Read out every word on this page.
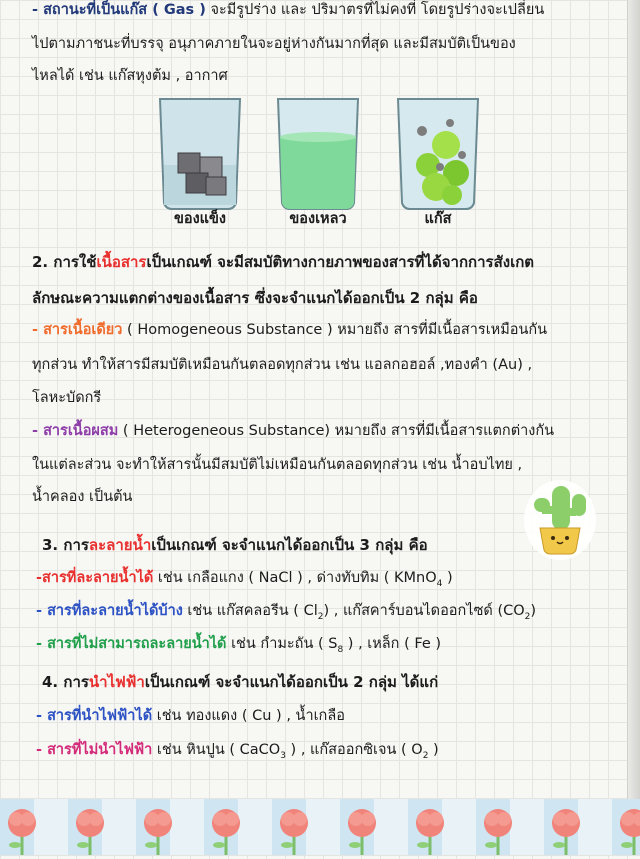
- สถานะที่เป็นแก๊ส ( Gas ) จะมีรูปร่าง และ ปริมาตรที่ไม่คงที่ โดยรูปร่างจะเปลี่ยน
ไปตามภาชนะที่บรรจุ อนุภาคภายในจะอยู่ห่างกันมากที่สุด และมีสมบัติเป็นของ
ไหลได้ เช่น แก๊สหุงต้ม , อากาศ
ของแข็ง	ของเหลว	แก๊ส
2. การใช้เนื้อสารเป็นเกณฑ์ จะมีสมบัติทางกายภาพของสารที่ได้จากการสังเกต
ลักษณะความแตกต่างของเนื้อสาร ซึ่งจะจำแนกได้ออกเป็น 2 กลุ่ม คือ
- สารเนื้อเดียว ( Homogeneous Substance ) หมายถึง สารที่มีเนื้อสารเหมือนกัน
ทุกส่วน ทำให้สารมีสมบัติเหมือนกันตลอดทุกส่วน เช่น แอลกอฮอล์ ,ทองคำ (Au) ,
โลหะบัดกรี
- สารเนื้อผสม ( Heterogeneous Substance) หมายถึง สารที่มีเนื้อสารแตกต่างกัน
ในแต่ละส่วน จะทำให้สารนั้นมีสมบัติไม่เหมือนกันตลอดทุกส่วน เช่น น้ำอบไทย ,
น้ำคลอง เป็นต้น
3. การละลายน้ำเป็นเกณฑ์ จะจำแนกได้ออกเป็น 3 กลุ่ม คือ
-สารที่ละลายน้ำได้ เช่น เกลือแกง ( NaCl ) , ด่างทับทิม ( KMnO$_4$ )
- สารที่ละลายน้ำได้บ้าง เช่น แก๊สคลอรีน ( $Cl_2$) , แก๊สคาร์บอนไดออกไซด์ $(CO_2)$
- สารที่ไม่สามารถละลายน้ำได้ เช่น กำมะถัน ( $S_8$ ) , เหล็ก ( Fe )
4. การนำไฟฟ้าเป็นเกณฑ์ จะจำแนกได้ออกเป็น 2 กลุ่ม ได้แก่
- สารที่นำไฟฟ้าได้ เช่น ทองแดง ( Cu ) , น้ำเกลือ
- สารที่ไม่นำไฟฟ้า เช่น หินปูน ( CaCO$_3$ ) , แก๊สออกซิเจน ( $O_2$ )
